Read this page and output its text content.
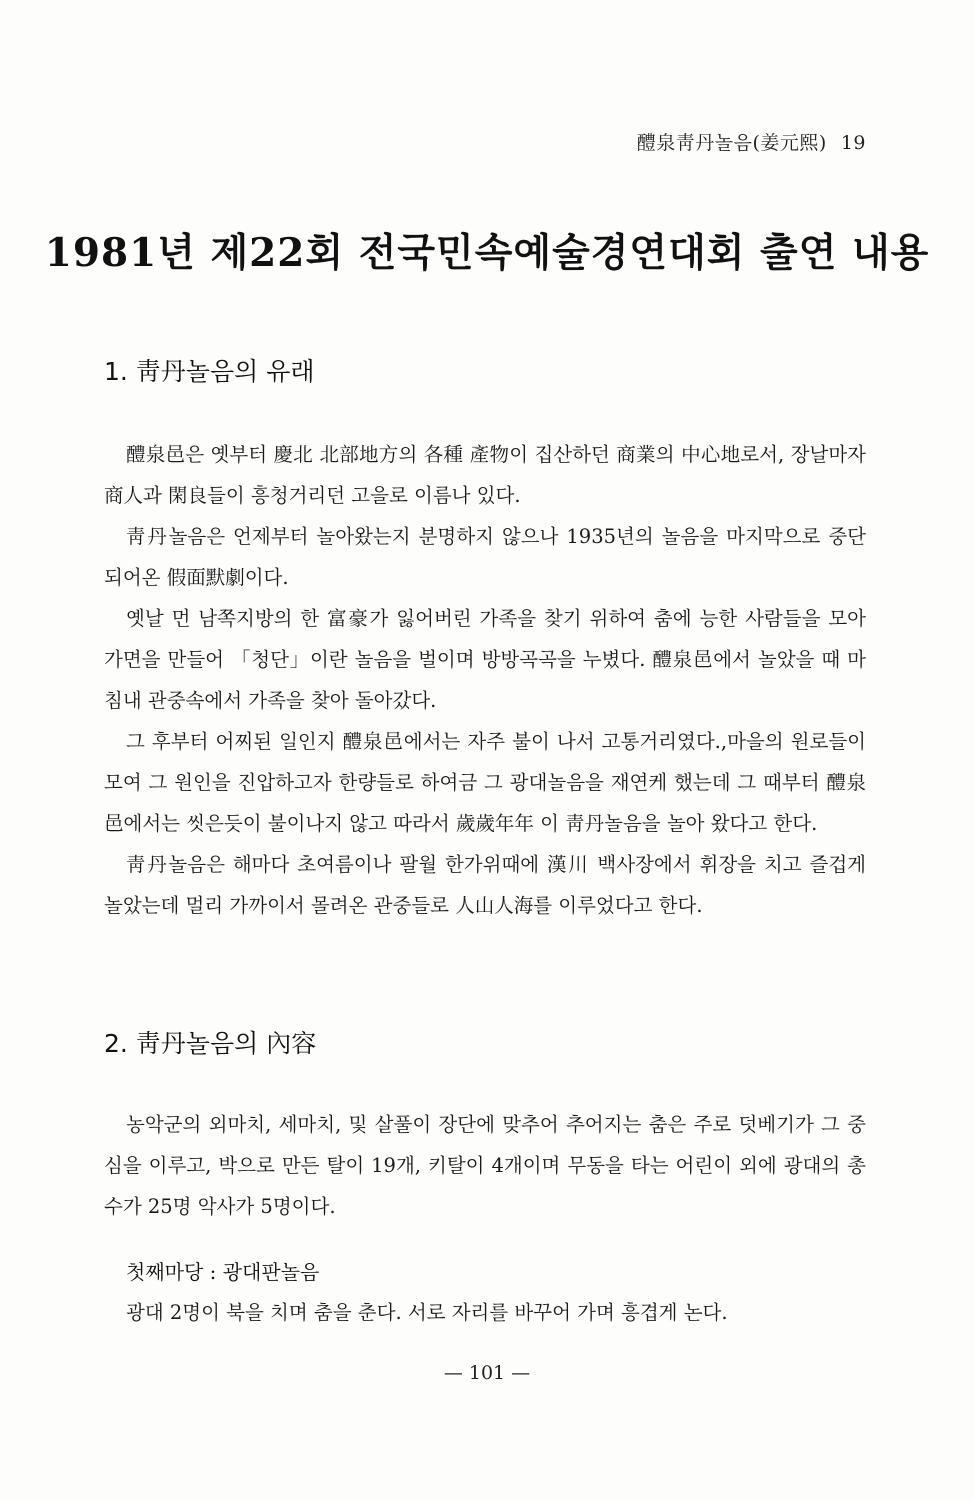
醴泉靑丹놀음(姜元熙) 19
1981년 제22회 전국민속예술경연대회 출연 내용
1. 靑丹놀음의 유래

醴泉邑은 옛부터 慶北 北部地方의 各種 產物이 집산하던 商業의 中心地로서, 장날마자 商人과 閑良들이 흥청거리던 고을로 이름나 있다.

靑丹놀음은 언제부터 놀아왔는지 분명하지 않으나 1935년의 놀음을 마지막으로 중단 되어온 假面默劇이다.

옛날 먼 남쪽지방의 한 富豪가 잃어버린 가족을 찾기 위하여 춤에 능한 사람들을 모아 가면을 만들어 「청단」이란 놀음을 벌이며 방방곡곡을 누볐다. 醴泉邑에서 놀았을 때 마침내 관중속에서 가족을 찾아 돌아갔다.

그 후부터 어찌된 일인지 醴泉邑에서는 자주 불이 나서 고통거리였다.,마을의 원로들이 모여 그 원인을 진압하고자 한량들로 하여금 그 광대놀음을 재연케 했는데 그 때부터 醴泉邑에서는 씻은듯이 불이나지 않고 따라서 歲歲年年 이 靑丹놀음을 놀아 왔다고 한다.

靑丹놀음은 해마다 초여름이나 팔월 한가위때에 漢川 백사장에서 휘장을 치고 즐겁게 놀았는데 멀리 가까이서 몰려온 관중들로 人山人海를 이루었다고 한다.

2. 靑丹놀음의 內容

농악군의 외마치, 세마치, 및 살풀이 장단에 맞추어 추어지는 춤은 주로 덧베기가 그 중심을 이루고, 박으로 만든 탈이 19개, 키탈이 4개이며 무동을 타는 어린이 외에 광대의 총수가 25명 악사가 5명이다.

첫째마당 : 광대판놀음
광대 2명이 북을 치며 춤을 춘다. 서로 자리를 바꾸어 가며 흥겹게 논다.
— 101 —
